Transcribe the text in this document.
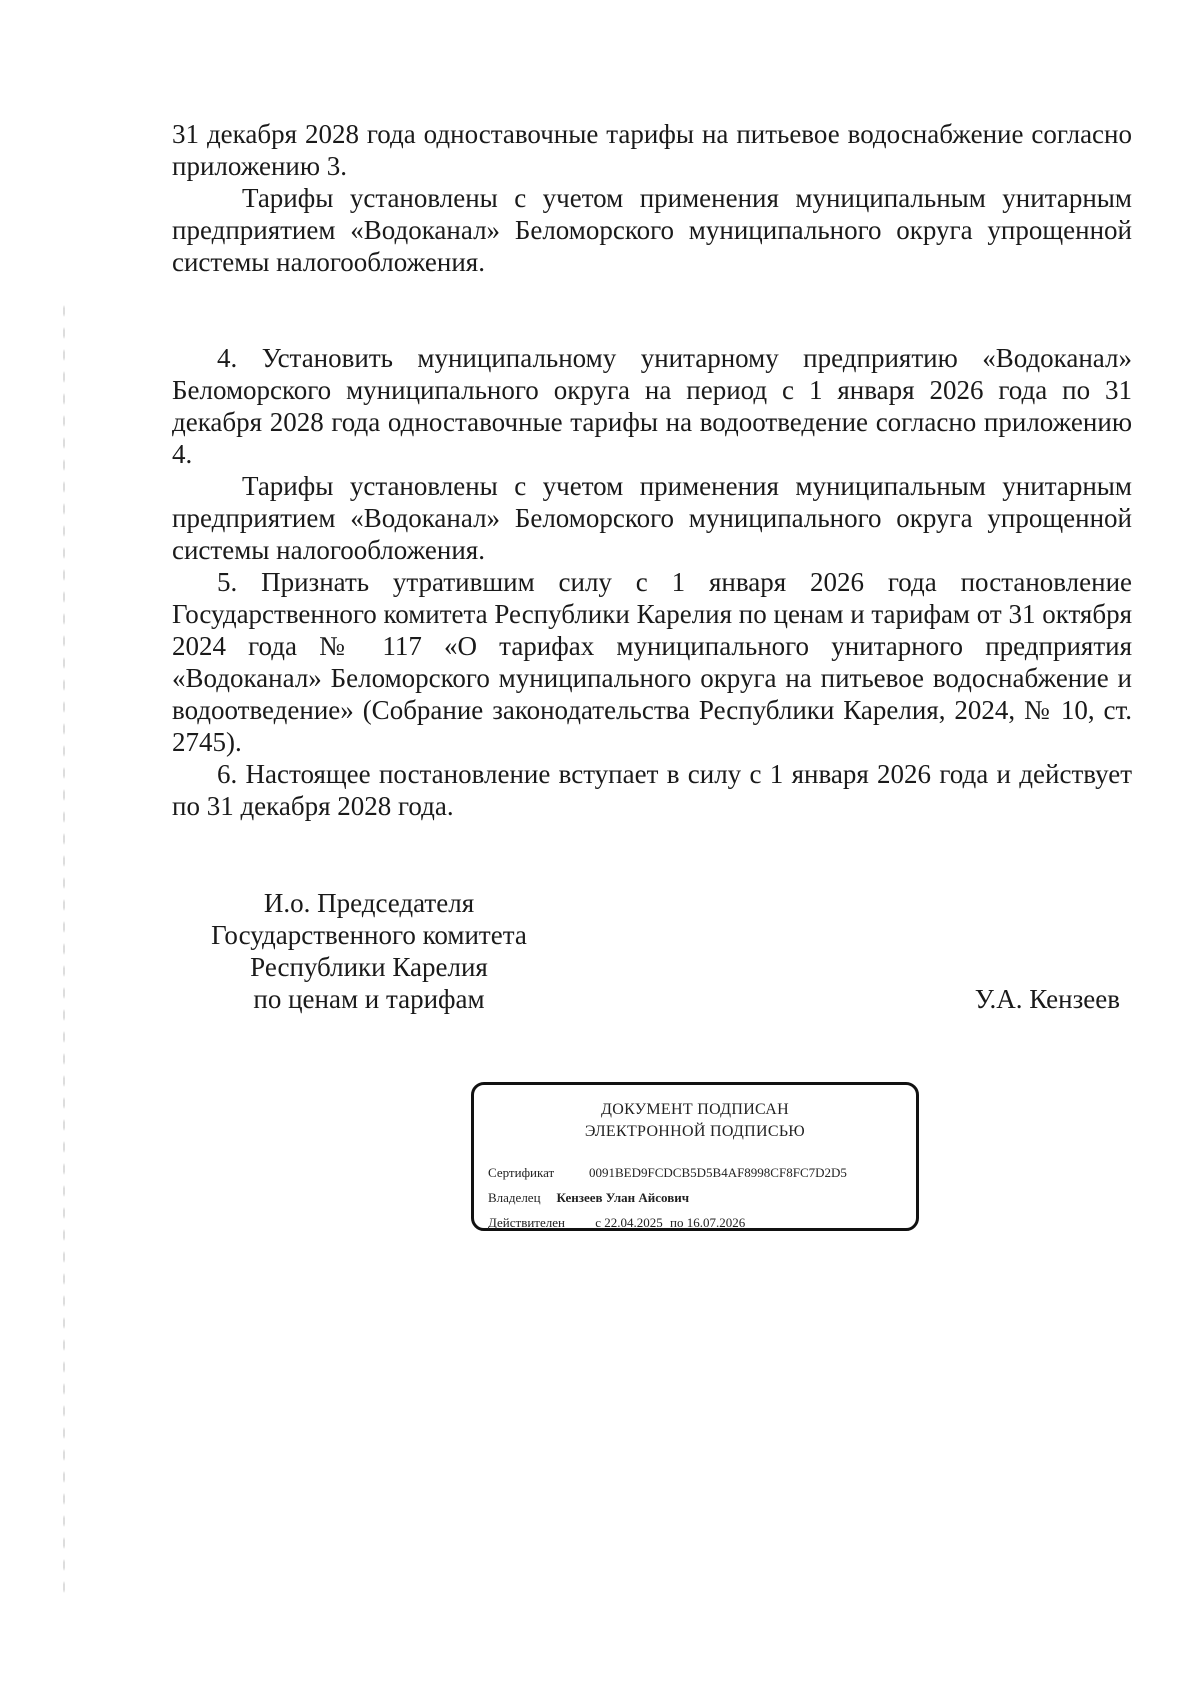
31 декабря 2028 года одноставочные тарифы на питьевое водоснабжение согласно приложению 3.

Тарифы установлены с учетом применения муниципальным унитарным предприятием «Водоканал» Беломорского муниципального округа упрощенной системы налогообложения.

4. Установить муниципальному унитарному предприятию «Водоканал» Беломорского муниципального округа на период с 1 января 2026 года по 31 декабря 2028 года одноставочные тарифы на водоотведение согласно приложению 4.

Тарифы установлены с учетом применения муниципальным унитарным предприятием «Водоканал» Беломорского муниципального округа упрощенной системы налогообложения.

5. Признать утратившим силу с 1 января 2026 года постановление Государственного комитета Республики Карелия по ценам и тарифам от 31 октября 2024 года № 117 «О тарифах муниципального унитарного предприятия «Водоканал» Беломорского муниципального округа на питьевое водоснабжение и водоотведение» (Собрание законодательства Республики Карелия, 2024, № 10, ст. 2745).

6. Настоящее постановление вступает в силу с 1 января 2026 года и действует по 31 декабря 2028 года.

И.о. Председателя
Государственного комитета
Республики Карелия
по ценам и тарифам	У.А. Кензеев
ДОКУМЕНТ ПОДПИСАН
ЭЛЕКТРОННОЙ ПОДПИСЬЮ
Сертификат	0091BED9FCDCB5D5B4AF8998CF8FC7D2D5
Владелец Кензеев Улан Айсович
Действителен с 22.04.2025 по 16.07.2026
